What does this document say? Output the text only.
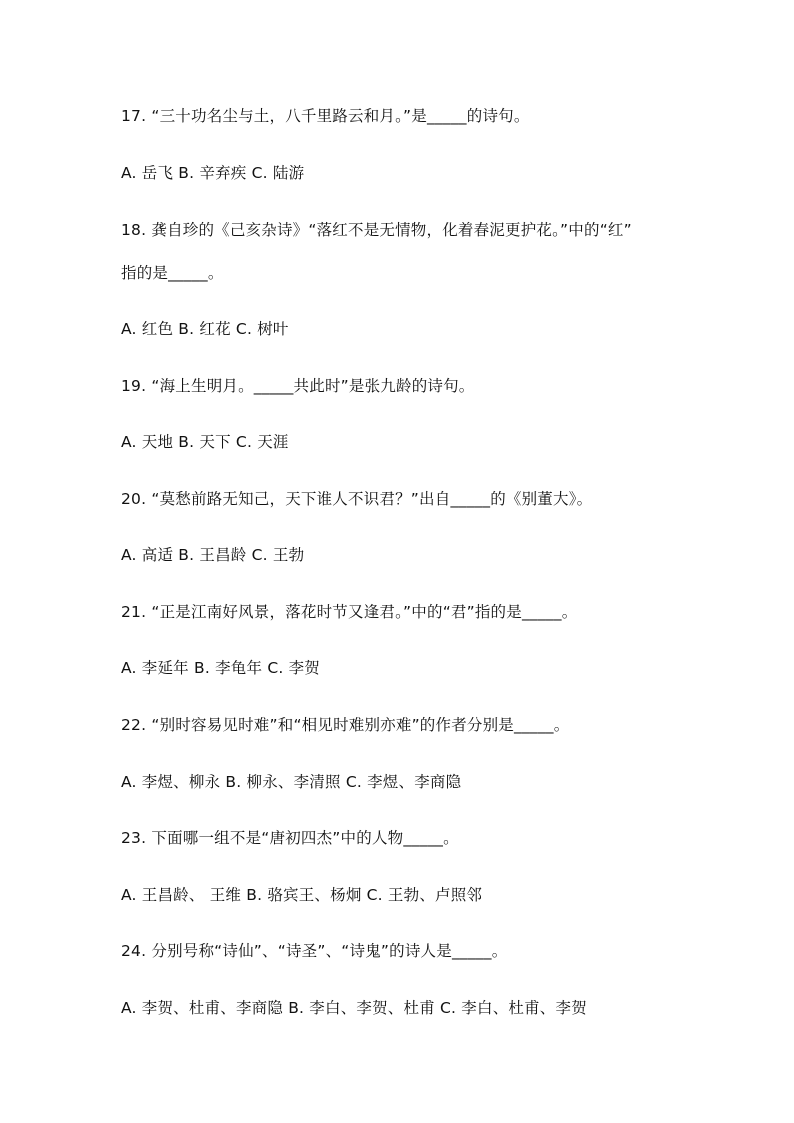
17. “三十功名尘与土，八千里路云和月。”是_____的诗句。
A. 岳飞 B. 辛弃疾 C. 陆游
18. 龚自珍的《己亥杂诗》“落红不是无情物，化着春泥更护花。”中的“红”
指的是_____。
A. 红色 B. 红花 C. 树叶
19. “海上生明月。_____共此时”是张九龄的诗句。
A. 天地 B. 天下 C. 天涯
20. “莫愁前路无知己，天下谁人不识君？”出自_____的《别董大》。
A. 高适 B. 王昌龄 C. 王勃
21. “正是江南好风景，落花时节又逢君。”中的“君”指的是_____。
A. 李延年 B. 李龟年 C. 李贺
22. “别时容易见时难”和“相见时难别亦难”的作者分别是_____。
A. 李煜、柳永 B. 柳永、李清照 C. 李煜、李商隐
23. 下面哪一组不是“唐初四杰”中的人物_____。
A. 王昌龄、 王维 B. 骆宾王、杨炯 C. 王勃、卢照邻
24. 分别号称“诗仙”、“诗圣”、“诗鬼”的诗人是_____。
A. 李贺、杜甫、李商隐 B. 李白、李贺、杜甫 C. 李白、杜甫、李贺
